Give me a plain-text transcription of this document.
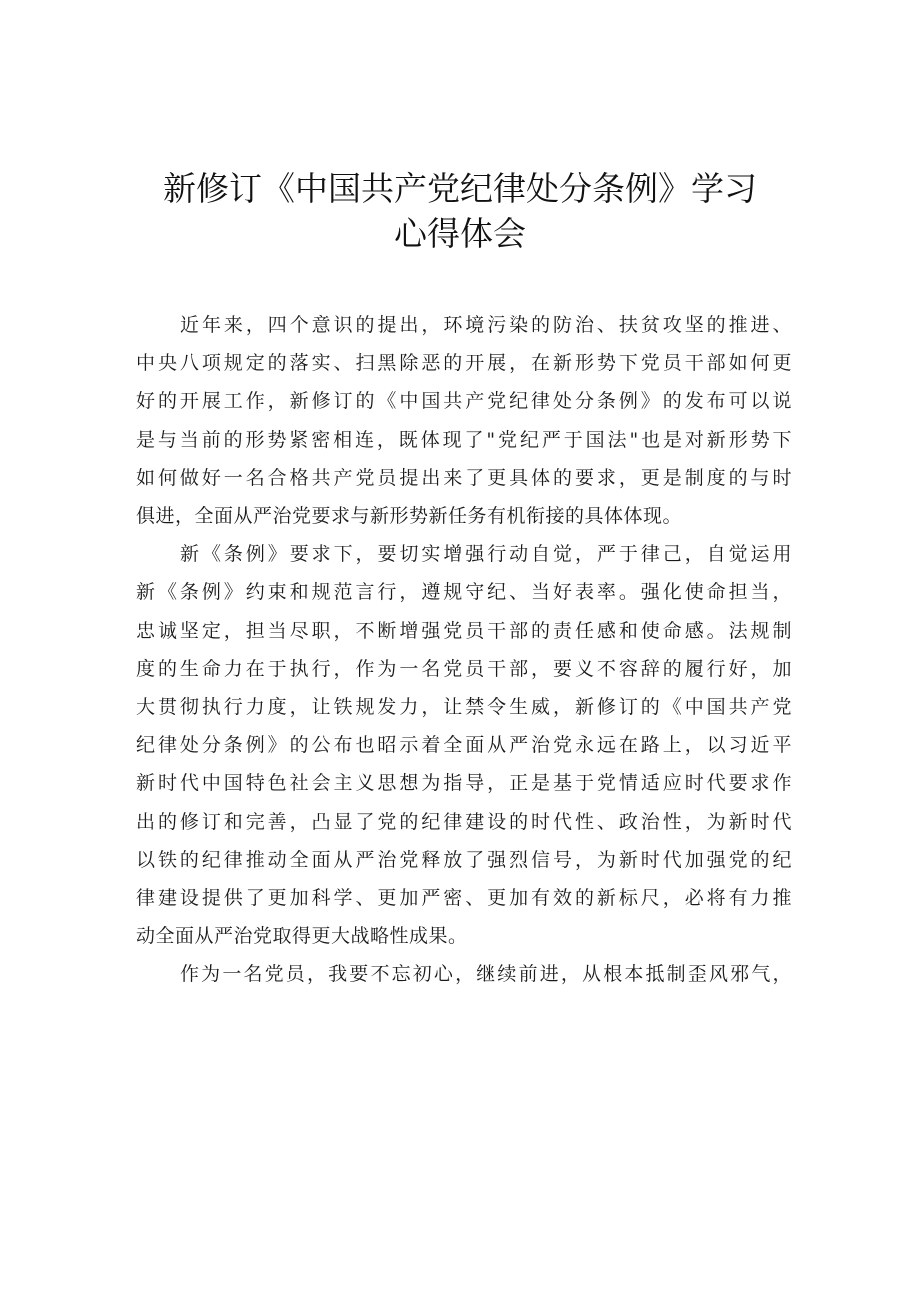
新修订《中国共产党纪律处分条例》学习
心得体会
近年来，四个意识的提出，环境污染的防治、扶贫攻坚的推进、
中央八项规定的落实、扫黑除恶的开展，在新形势下党员干部如何更
好的开展工作，新修订的《中国共产党纪律处分条例》的发布可以说
是与当前的形势紧密相连，既体现了"党纪严于国法"也是对新形势下
如何做好一名合格共产党员提出来了更具体的要求，更是制度的与时
俱进，全面从严治党要求与新形势新任务有机衔接的具体体现。
新《条例》要求下，要切实增强行动自觉，严于律己，自觉运用
新《条例》约束和规范言行，遵规守纪、当好表率。强化使命担当，
忠诚坚定，担当尽职，不断增强党员干部的责任感和使命感。法规制
度的生命力在于执行，作为一名党员干部，要义不容辞的履行好，加
大贯彻执行力度，让铁规发力，让禁令生威，新修订的《中国共产党
纪律处分条例》的公布也昭示着全面从严治党永远在路上，以习近平
新时代中国特色社会主义思想为指导，正是基于党情适应时代要求作
出的修订和完善，凸显了党的纪律建设的时代性、政治性，为新时代
以铁的纪律推动全面从严治党释放了强烈信号，为新时代加强党的纪
律建设提供了更加科学、更加严密、更加有效的新标尺，必将有力推
动全面从严治党取得更大战略性成果。
作为一名党员，我要不忘初心，继续前进，从根本抵制歪风邪气，
